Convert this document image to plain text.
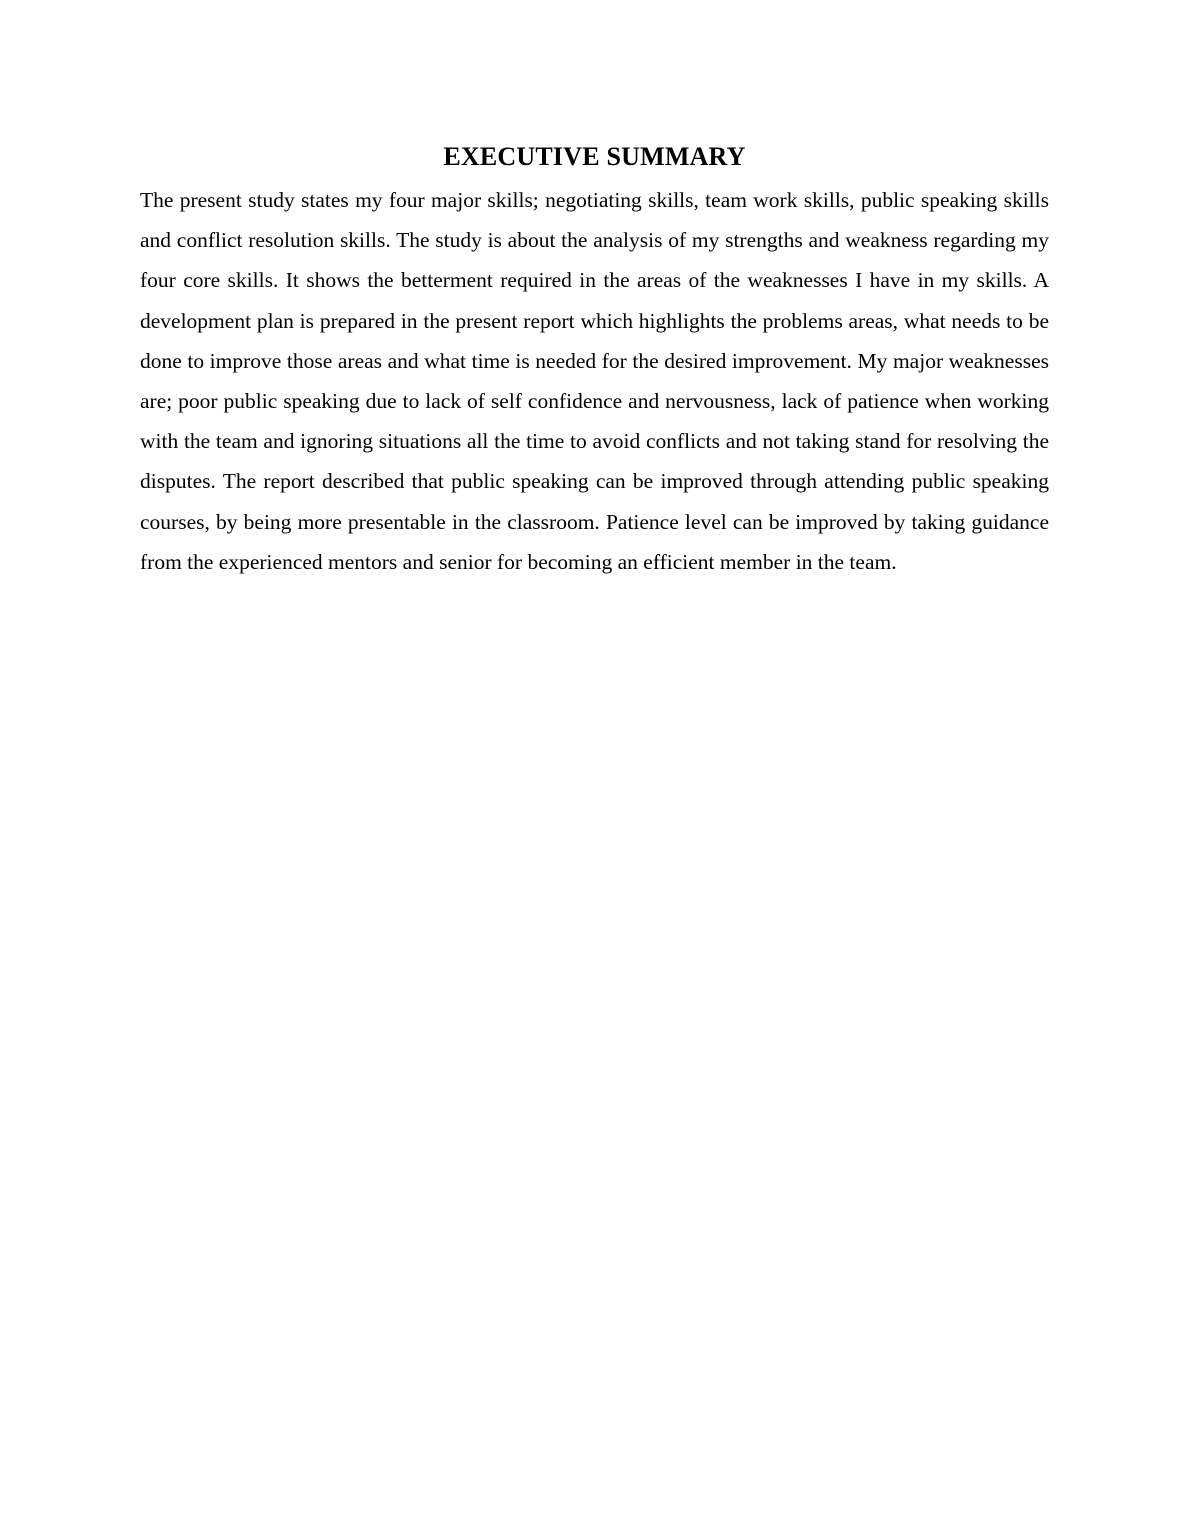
EXECUTIVE SUMMARY

The present study states my four major skills; negotiating skills, team work skills, public speaking skills and conflict resolution skills. The study is about the analysis of my strengths and weakness regarding my four core skills. It shows the betterment required in the areas of the weaknesses I have in my skills. A development plan is prepared in the present report which highlights the problems areas, what needs to be done to improve those areas and what time is needed for the desired improvement. My major weaknesses are; poor public speaking due to lack of self confidence and nervousness, lack of patience when working with the team and ignoring situations all the time to avoid conflicts and not taking stand for resolving the disputes. The report described that public speaking can be improved through attending public speaking courses, by being more presentable in the classroom. Patience level can be improved by taking guidance from the experienced mentors and senior for becoming an efficient member in the team.
